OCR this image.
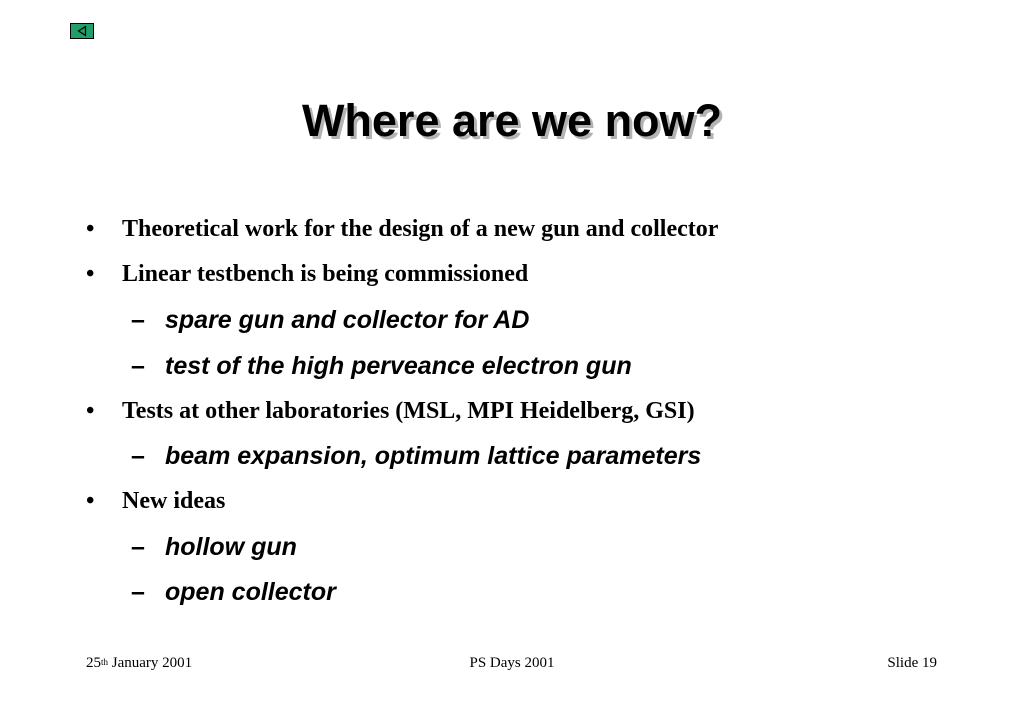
Where are we now?
• Theoretical work for the design of a new gun and collector
• Linear testbench is being commissioned
– spare gun and collector for AD
– test of the high perveance electron gun
• Tests at other laboratories (MSL, MPI Heidelberg, GSI)
– beam expansion, optimum lattice parameters
• New ideas
– hollow gun
– open collector
25th January 2001	PS Days 2001	Slide 19
